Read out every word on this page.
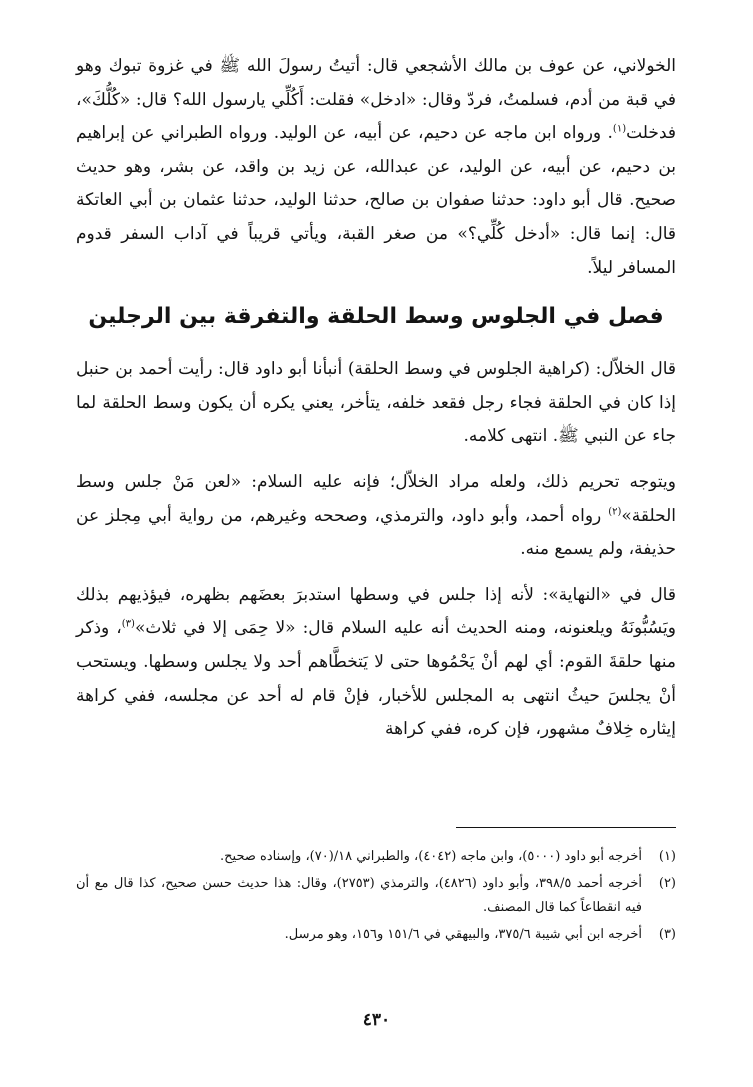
الخولاني، عن عوف بن مالك الأشجعي قال: أتيتُ رسولَ الله ﷺ في غزوة تبوك وهو في قبة من أدم، فسلمتُ، فردّ وقال: «ادخل» فقلت: أَكُلِّي يارسول الله؟ قال: «كُلُّكَ»، فدخلت$^{(١)}$. ورواه ابن ماجه عن دحيم، عن أبيه، عن الوليد. ورواه الطبراني عن إبراهيم بن دحيم، عن أبيه، عن الوليد، عن عبدالله، عن زيد بن واقد، عن بشر، وهو حديث صحيح. قال أبو داود: حدثنا صفوان بن صالح، حدثنا الوليد، حدثنا عثمان بن أبي العاتكة قال: إنما قال: «أدخل كُلِّي؟» من صغر القبة، ويأتي قريباً في آداب السفر قدوم المسافر ليلاً.

فصل في الجلوس وسط الحلقة والتفرقة بين الرجلين

قال الخلاّل: (كراهية الجلوس في وسط الحلقة) أنبأنا أبو داود قال: رأيت أحمد بن حنبل إذا كان في الحلقة فجاء رجل فقعد خلفه، يتأخر، يعني يكره أن يكون وسط الحلقة لما جاء عن النبي ﷺ. انتهى كلامه.

ويتوجه تحريم ذلك، ولعله مراد الخلاّل؛ فإنه عليه السلام: «لعن مَنْ جلس وسط الحلقة»$^{(٢)}$ رواه أحمد، وأبو داود، والترمذي، وصححه وغيرهم، من رواية أبي مِجلز عن حذيفة، ولم يسمع منه.

قال في «النهاية»: لأنه إذا جلس في وسطها استدبرَ بعضَهم بظهره، فيؤذيهم بذلك ويَسُبُّونَهُ ويلعنونه، ومنه الحديث أنه عليه السلام قال: «لا حِمَى إلا في ثلاث»$^{(٣)}$، وذكر منها حلقةَ القوم: أي لهم أنْ يَحْمُوها حتى لا يَتخطَّاهم أحد ولا يجلس وسطها. ويستحب أنْ يجلسَ حيثُ انتهى به المجلس للأخبار، فإنْ قام له أحد عن مجلسه، ففي كراهة إيثاره خِلافٌ مشهور، فإن كره، ففي كراهة

(١)
أخرجه أبو داود (٥٠٠٠)، وابن ماجه (٤٠٤٢)، والطبراني ١٨/(٧٠)، وإسناده صحيح.
(٢)
أخرجه أحمد ٣٩٨/٥، وأبو داود (٤٨٢٦)، والترمذي (٢٧٥٣)، وقال: هذا حديث حسن صحيح، كذا قال مع أن فيه انقطاعاً كما قال المصنف.
(٣)
أخرجه ابن أبي شيبة ٣٧٥/٦، والبيهقي في ١٥١/٦ و١٥٦، وهو مرسل.
٤٣٠
